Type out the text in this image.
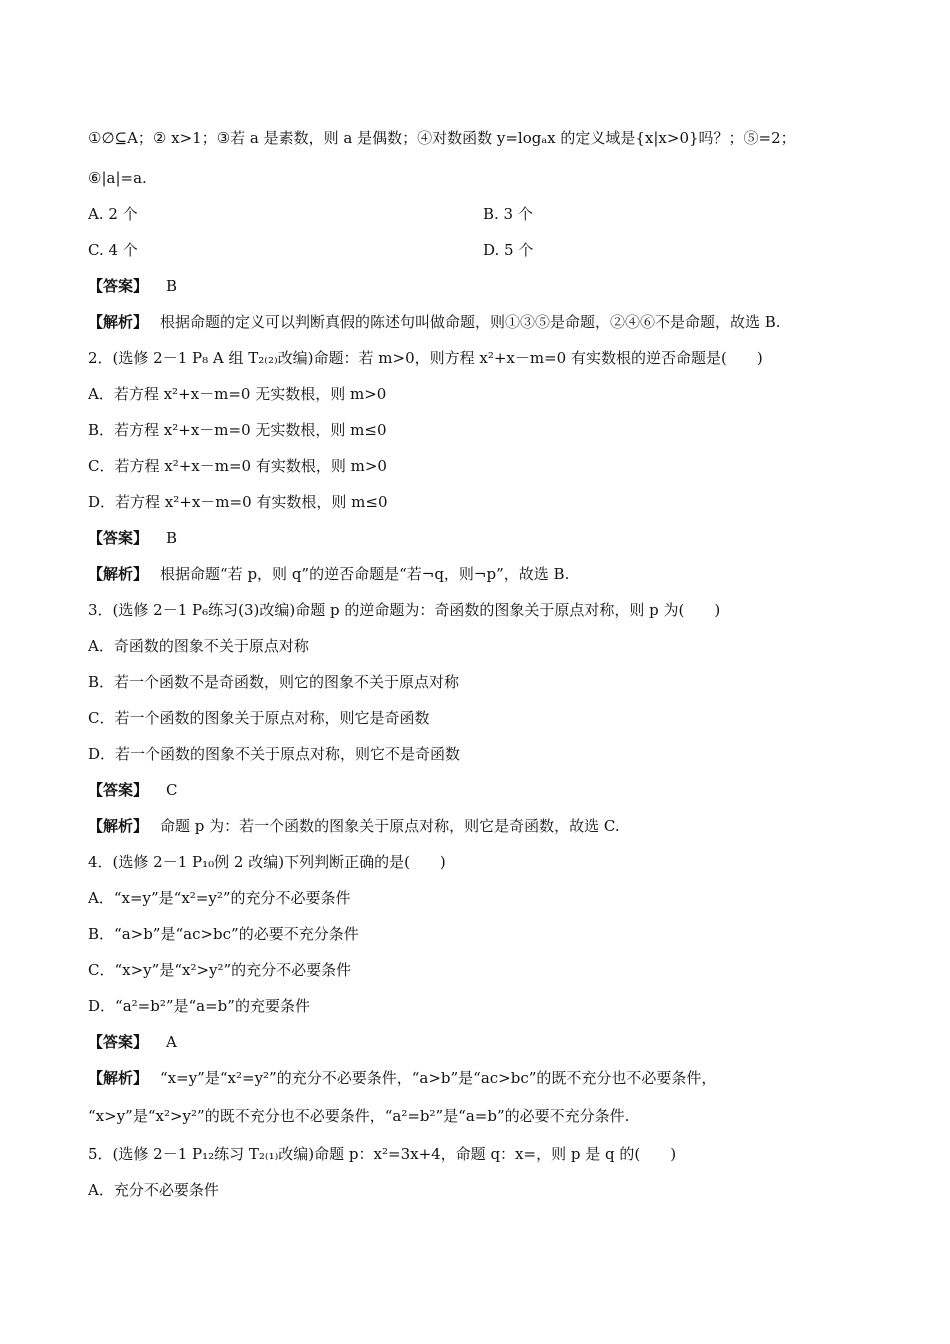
①∅⊆A；② x>1；③若 a 是素数，则 a 是偶数；④对数函数 y=logₐx 的定义域是{x|x>0}吗？；⑤=2；
⑥|a|=a.
A. 2 个	B. 3 个
C. 4 个	D. 5 个
【答案】 B
【解析】 根据命题的定义可以判断真假的陈述句叫做命题，则①③⑤是命题，②④⑥不是命题，故选 B.
2．(选修 2－1 P₈ A 组 T₂₍₂₎改编)命题：若 m>0，则方程 x²+x－m=0 有实数根的逆否命题是(　　)
A．若方程 x²+x－m=0 无实数根，则 m>0
B．若方程 x²+x－m=0 无实数根，则 m≤0
C．若方程 x²+x－m=0 有实数根，则 m>0
D．若方程 x²+x－m=0 有实数根，则 m≤0
【答案】 B
【解析】 根据命题“若 p，则 q”的逆否命题是“若¬q，则¬p”，故选 B.
3．(选修 2－1 P₆练习(3)改编)命题 p 的逆命题为：奇函数的图象关于原点对称，则 p 为(　　)
A．奇函数的图象不关于原点对称
B．若一个函数不是奇函数，则它的图象不关于原点对称
C．若一个函数的图象关于原点对称，则它是奇函数
D．若一个函数的图象不关于原点对称，则它不是奇函数
【答案】 C
【解析】 命题 p 为：若一个函数的图象关于原点对称，则它是奇函数，故选 C.
4．(选修 2－1 P₁₀例 2 改编)下列判断正确的是(　　)
A．“x=y”是“x²=y²”的充分不必要条件
B．“a>b”是“ac>bc”的必要不充分条件
C．“x>y”是“x²>y²”的充分不必要条件
D．“a²=b²”是“a=b”的充要条件
【答案】 A
【解析】 “x=y”是“x²=y²”的充分不必要条件，“a>b”是“ac>bc”的既不充分也不必要条件，
“x>y”是“x²>y²”的既不充分也不必要条件，“a²=b²”是“a=b”的必要不充分条件.
5．(选修 2－1 P₁₂练习 T₂₍₁₎改编)命题 p：x²=3x+4，命题 q：x=，则 p 是 q 的(　　)
A．充分不必要条件
